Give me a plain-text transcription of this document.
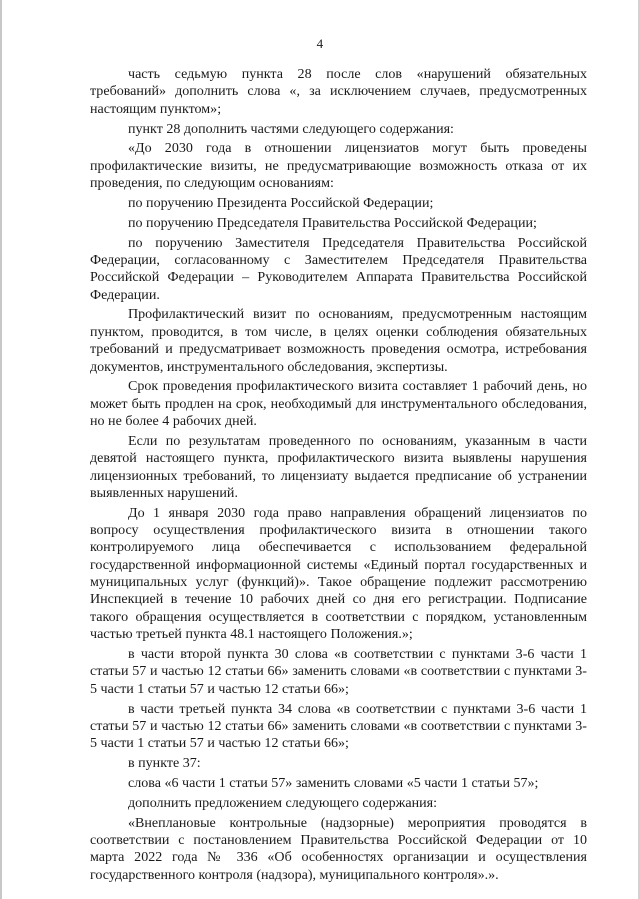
4

часть седьмую пункта 28 после слов «нарушений обязательных требований» дополнить слова «, за исключением случаев, предусмотренных настоящим пунктом»;

пункт 28 дополнить частями следующего содержания:

«До 2030 года в отношении лицензиатов могут быть проведены профилактические визиты, не предусматривающие возможность отказа от их проведения, по следующим основаниям:

по поручению Президента Российской Федерации;

по поручению Председателя Правительства Российской Федерации;

по поручению Заместителя Председателя Правительства Российской Федерации, согласованному с Заместителем Председателя Правительства Российской Федерации – Руководителем Аппарата Правительства Российской Федерации.

Профилактический визит по основаниям, предусмотренным настоящим пунктом, проводится, в том числе, в целях оценки соблюдения обязательных требований и предусматривает возможность проведения осмотра, истребования документов, инструментального обследования, экспертизы.

Срок проведения профилактического визита составляет 1 рабочий день, но может быть продлен на срок, необходимый для инструментального обследования, но не более 4 рабочих дней.

Если по результатам проведенного по основаниям, указанным в части девятой настоящего пункта, профилактического визита выявлены нарушения лицензионных требований, то лицензиату выдается предписание об устранении выявленных нарушений.

До 1 января 2030 года право направления обращений лицензиатов по вопросу осуществления профилактического визита в отношении такого контролируемого лица обеспечивается с использованием федеральной государственной информационной системы «Единый портал государственных и муниципальных услуг (функций)». Такое обращение подлежит рассмотрению Инспекцией в течение 10 рабочих дней со дня его регистрации. Подписание такого обращения осуществляется в соответствии с порядком, установленным частью третьей пункта 48.1 настоящего Положения.»;

в части второй пункта 30 слова «в соответствии с пунктами 3-6 части 1 статьи 57 и частью 12 статьи 66» заменить словами «в соответствии с пунктами 3-5 части 1 статьи 57 и частью 12 статьи 66»;

в части третьей пункта 34 слова «в соответствии с пунктами 3-6 части 1 статьи 57 и частью 12 статьи 66» заменить словами «в соответствии с пунктами 3-5 части 1 статьи 57 и частью 12 статьи 66»;

в пункте 37:

слова «6 части 1 статьи 57» заменить словами «5 части 1 статьи 57»;

дополнить предложением следующего содержания:

«Внеплановые контрольные (надзорные) мероприятия проводятся в соответствии с постановлением Правительства Российской Федерации от 10 марта 2022 года № 336 «Об особенностях организации и осуществления государственного контроля (надзора), муниципального контроля».».
